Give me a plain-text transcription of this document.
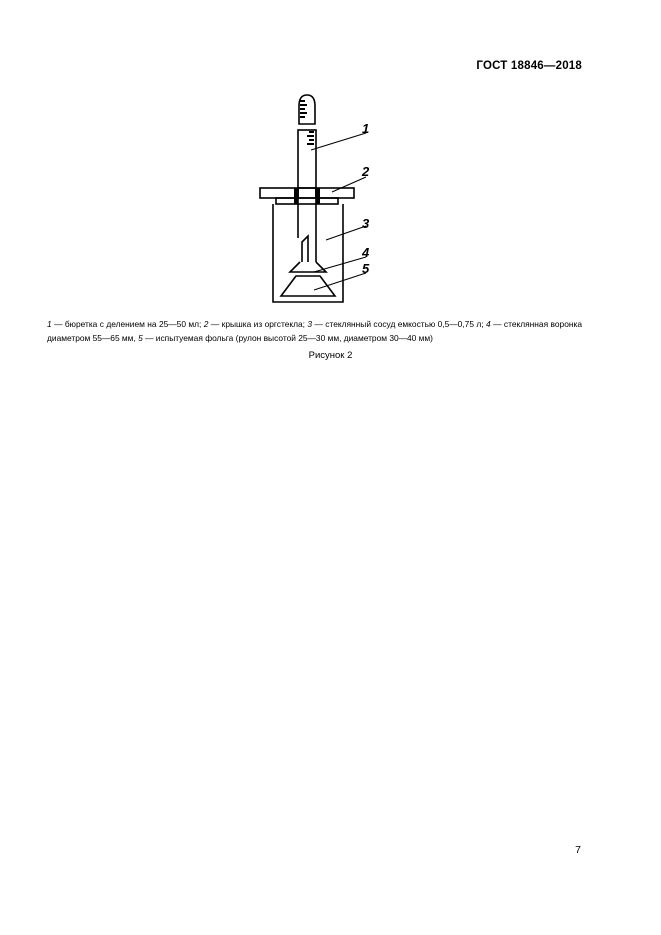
ГОСТ 18846—2018
1
2
3
4
5
1 — бюретка с делением на 25—50 мл; 2 — крышка из оргстекла; 3 — стеклянный сосуд емкостью 0,5—0,75 л; 4 — стеклянная воронка диаметром 55—65 мм, 5 — испытуемая фольга (рулон высотой 25—30 мм, диаметром 30—40 мм)
Рисунок 2
7
